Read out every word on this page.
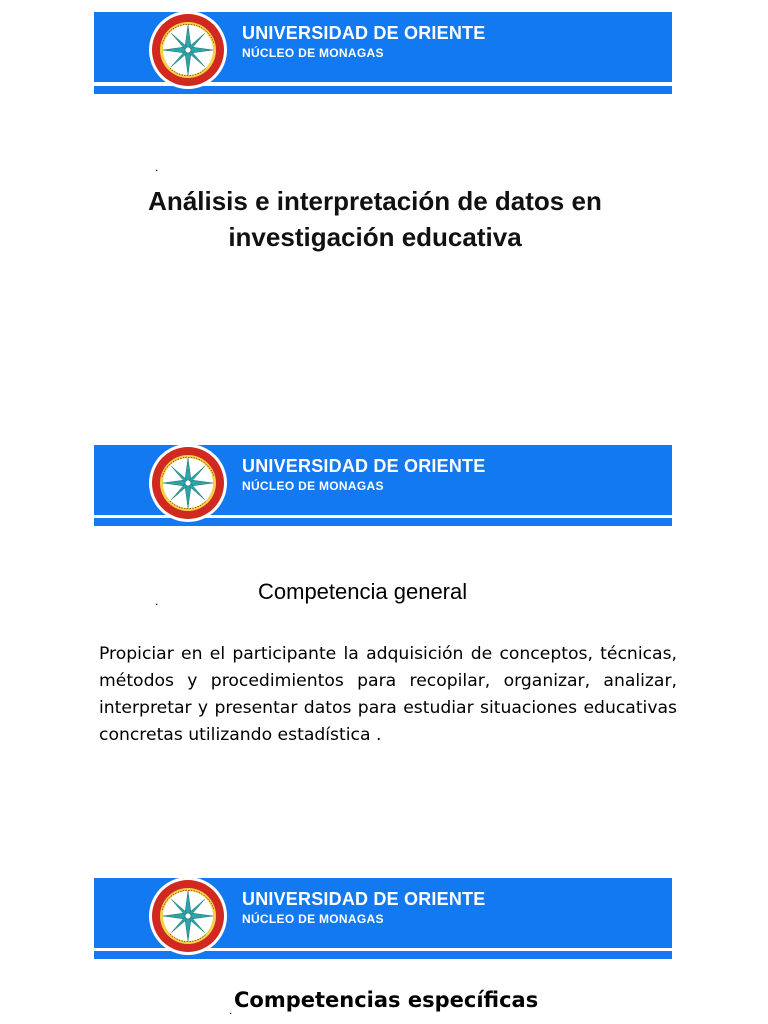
UNIVERSIDAD DE ORIENTE
NÚCLEO DE MONAGAS
.
Análisis e interpretación de datos en investigación educativa
UNIVERSIDAD DE ORIENTE
NÚCLEO DE MONAGAS
.	Competencia general
Propiciar en el participante la adquisición de conceptos, técnicas, métodos y procedimientos para recopilar, organizar, analizar, interpretar y presentar datos para estudiar situaciones educativas concretas utilizando estadística .
UNIVERSIDAD DE ORIENTE
NÚCLEO DE MONAGAS
. Competencias específicas
